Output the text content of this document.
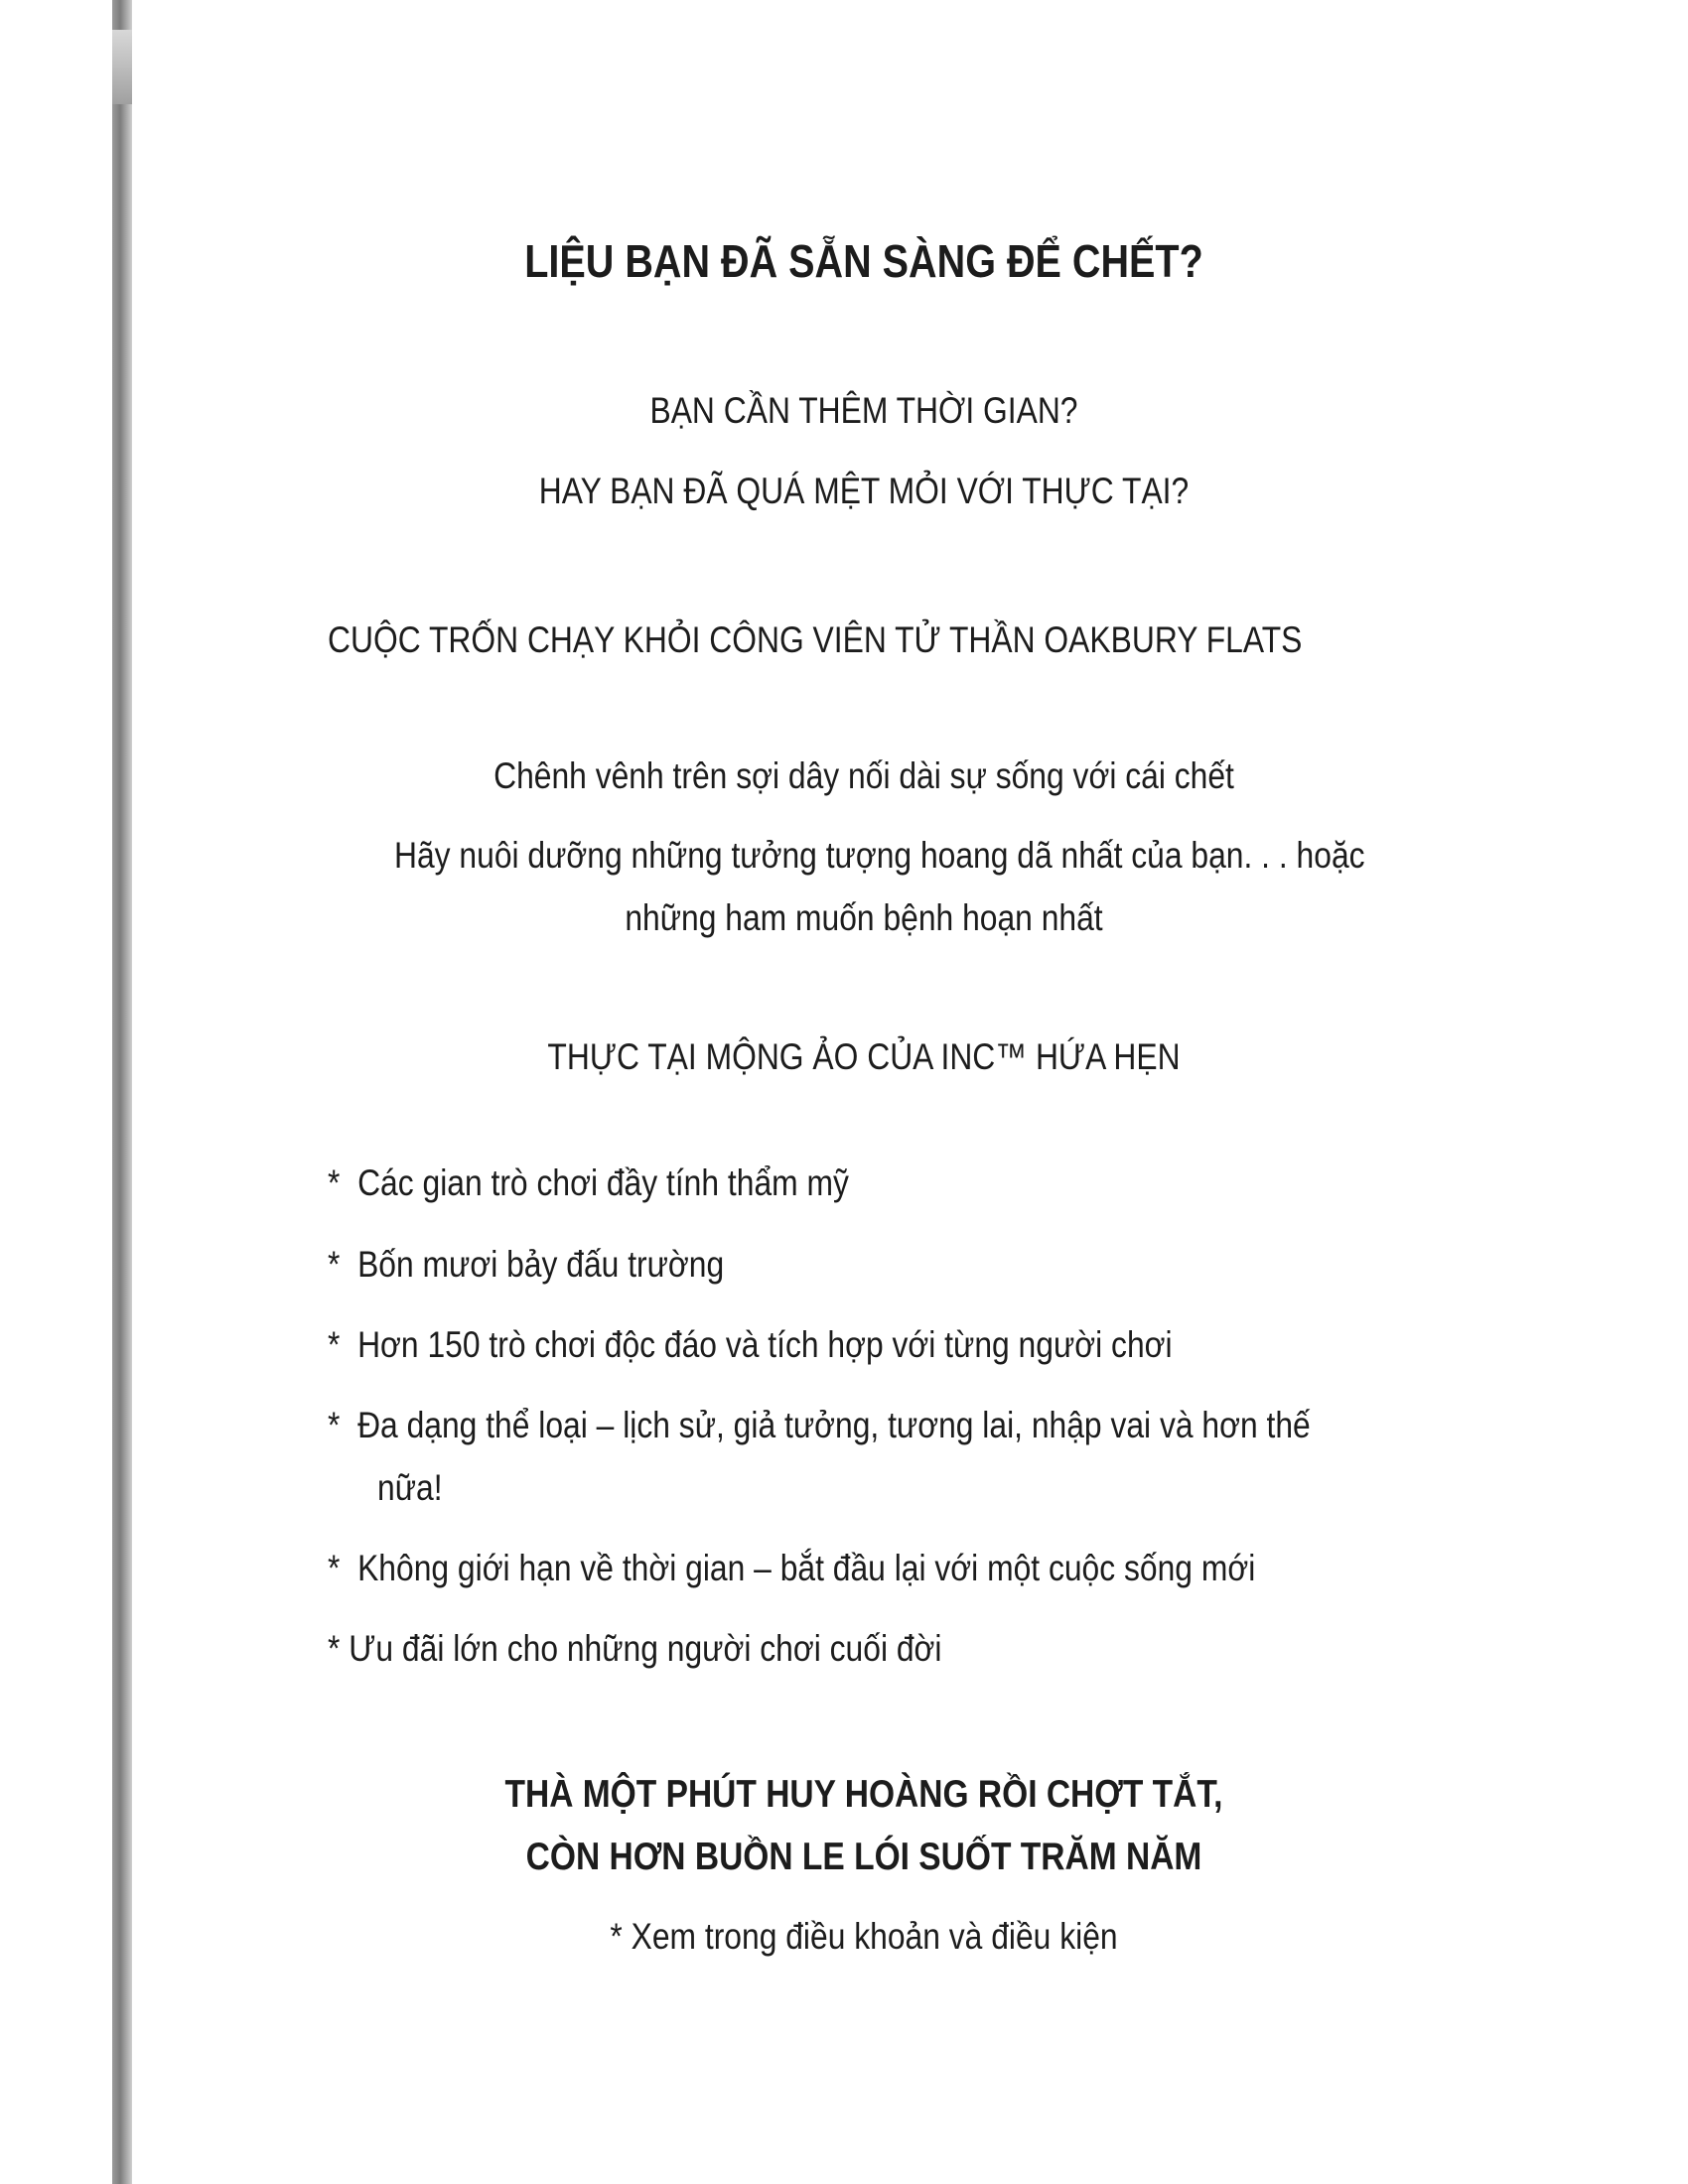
LIỆU BẠN ĐÃ SẴN SÀNG ĐỂ CHẾT?
BẠN CẦN THÊM THỜI GIAN?
HAY BẠN ĐÃ QUÁ MỆT MỎI VỚI THỰC TẠI?
CUỘC TRỐN CHẠY KHỎI CÔNG VIÊN TỬ THẦN OAKBURY FLATS
Chênh vênh trên sợi dây nối dài sự sống với cái chết
Hãy nuôi dưỡng những tưởng tượng hoang dã nhất của bạn. . . hoặc
những ham muốn bệnh hoạn nhất
THỰC TẠI MỘNG ẢO CỦA INC™ HỨA HẸN
* Các gian trò chơi đầy tính thẩm mỹ
* Bốn mươi bảy đấu trường
* Hơn 150 trò chơi độc đáo và tích hợp với từng người chơi
* Đa dạng thể loại – lịch sử, giả tưởng, tương lai, nhập vai và hơn thế
nữa!
* Không giới hạn về thời gian – bắt đầu lại với một cuộc sống mới
* Ưu đãi lớn cho những người chơi cuối đời
THÀ MỘT PHÚT HUY HOÀNG RỒI CHỢT TẮT,
CÒN HƠN BUỒN LE LÓI SUỐT TRĂM NĂM
* Xem trong điều khoản và điều kiện
